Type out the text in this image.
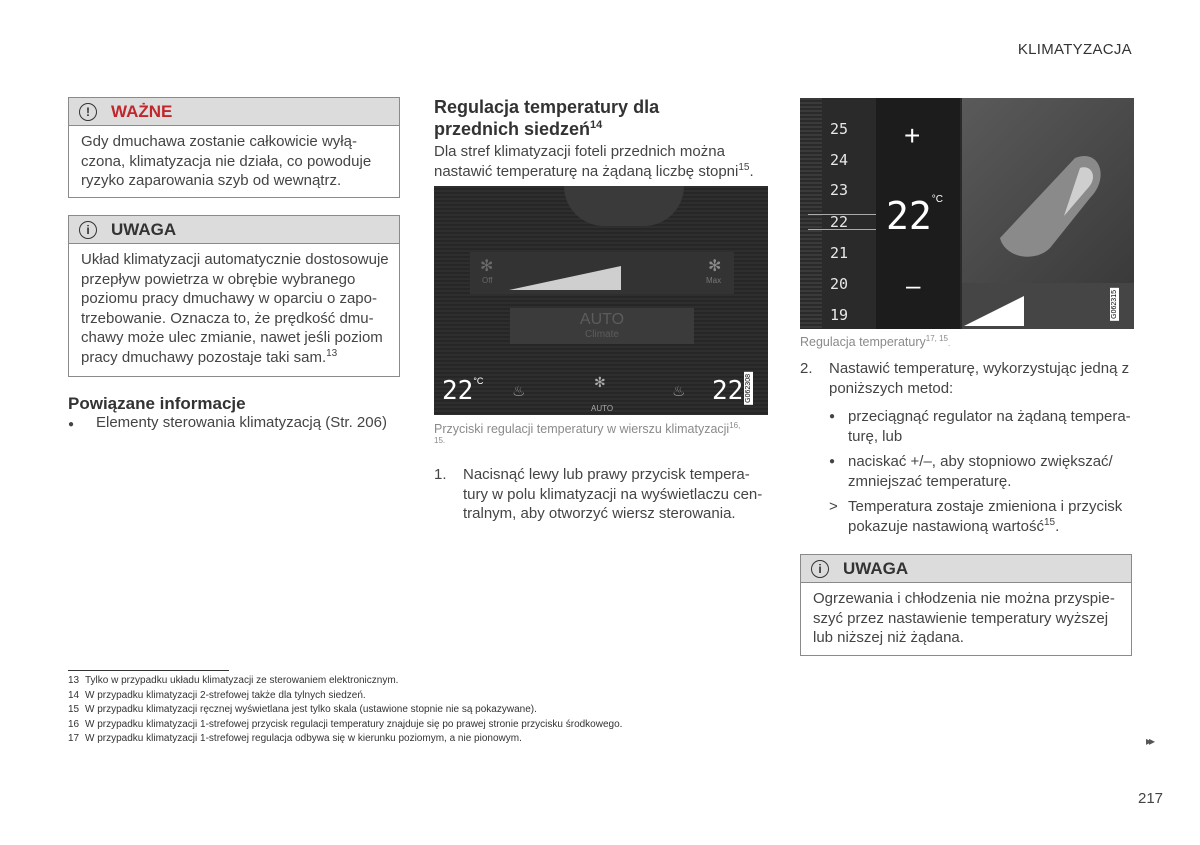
KLIMATYZACJA
!	WAŻNE
Gdy dmuchawa zostanie całkowicie wyłą-
czona, klimatyzacja nie działa, co powoduje
ryzyko zaparowania szyb od wewnątrz.
i	UWAGA
Układ klimatyzacji automatycznie dostosowuje
przepływ powietrza w obrębie wybranego
poziomu pracy dmuchawy w oparciu o zapo-
trzebowanie. Oznacza to, że prędkość dmu-
chawy może ulec zmianie, nawet jeśli poziom
pracy dmuchawy pozostaje taki sam.$^{13}$
Powiązane informacje
● Elementy sterowania klimatyzacją (Str. 206)
Regulacja temperatury dla
przednich siedzeń$^{14}$
Dla stref klimatyzacji foteli przednich można
nastawić temperaturę na żądaną liczbę stopni$^{15}$.
✻
Off
✻
Max
AUTO
Climate
$22^{^\circ C}$
♨
✻
AUTO
♨ 22 G062308
Przyciski regulacji temperatury w wierszu klimatyzacji$^{16,}$
15.
1. Nacisnąć lewy lub prawy przycisk tempera-
tury w polu klimatyzacji na wyświetlaczu cen-
tralnym, aby otworzyć wiersz sterowania.
25
24
23
22
21
20
19
+
$22^{^\circ C}$
–
G062315
Regulacja temperatury$^{17, 15}$.
2. Nastawić temperaturę, wykorzystując jedną z
poniższych metod:
● przeciągnąć regulator na żądaną tempera-
turę, lub
● naciskać +/–, aby stopniowo zwiększać/
zmniejszać temperaturę.
> Temperatura zostaje zmieniona i przycisk
pokazuje nastawioną wartość$^{15}$.
i	UWAGA
Ogrzewania i chłodzenia nie można przyspie-
szyć przez nastawienie temperatury wyższej
lub niższej niż żądana.
13 Tylko w przypadku układu klimatyzacji ze sterowaniem elektronicznym.
14 W przypadku klimatyzacji 2-strefowej także dla tylnych siedzeń.
15 W przypadku klimatyzacji ręcznej wyświetlana jest tylko skala (ustawione stopnie nie są pokazywane).
16 W przypadku klimatyzacji 1-strefowej przycisk regulacji temperatury znajduje się po prawej stronie przycisku środkowego.
17 W przypadku klimatyzacji 1-strefowej regulacja odbywa się w kierunku poziomym, a nie pionowym.	▸▸
217
